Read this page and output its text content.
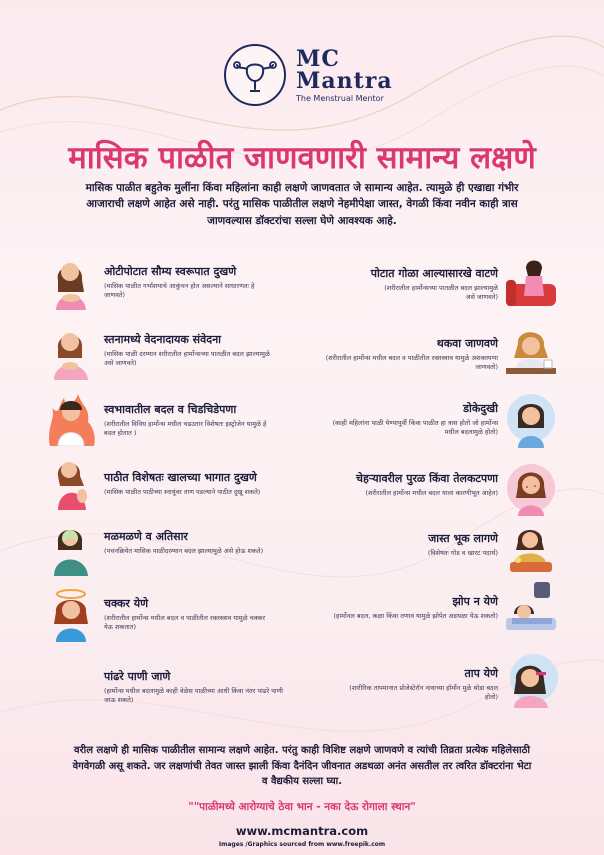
MC
Mantra
The Menstrual Mentor
मासिक पाळीत जाणवणारी सामान्य लक्षणे

मासिक पाळीत बहुतेक मुलींना किंवा महिलांना काही लक्षणे जाणवतात जे सामान्य आहेत. त्यामुळे ही एखाद्या गंभीर

आजाराची लक्षणे आहेत असे नाही. परंतु मासिक पाळीतील लक्षणे नेहमीपेक्षा जास्त, वेगळी किंवा नवीन काही त्रास

जाणवल्यास डॉक्टरांचा सल्ला घेणे आवश्यक आहे.

ओटीपोटात सौम्य स्वरूपात दुखणे
(मासिक पाळीत गर्भाशयाचे आकुंचन होत असल्याने साधारणतः हे जाणवते)
स्तनामध्ये वेदनादायक संवेदना
(मासिक पाळी दरम्यान शरीरातील हार्मोन्सच्या पातळीत बदल झाल्यामुळे असे जाणवते)
स्वभावातील बदल व चिडचिडेपणा
(शरीरातील विविध हार्मोन्स मधील चढउतार विशेषतः इस्ट्रोजेन यामुळे हे बदल होतात )
पाठीत विशेषतः खालच्या भागात दुखणे
(मासिक पाळीत पाठीच्या स्नायूंवर ताण पडल्याने पाठीत दुखू शकते)
मळमळणे व अतिसार
(पचनक्रियेत मासिक पाळीदरम्यान बदल झाल्यामुळे असे होऊ शकते)
चक्कर येणे
(शरीरातील हार्मोन्स मधील बदल व पाळीतील रक्तस्त्राव यामुळे चक्कर येऊ शकतात)
पांढरे पाणी जाणे
(हार्मोन्स मधील बदलामुळे काही वेळेस पाळीच्या आधी किंवा नंतर पांढरे पाणी जाऊ शकते)
पोटात गोळा आल्यासारखे वाटणे
(शरीरातील हार्मोन्सच्या पातळीत बदल झाल्यामुळे असे जाणवते)
थकवा जाणवणे
(शरीरातील हार्मोन्स मधील बदल व पाळीतील रक्तस्त्राव यामुळे अशक्तपणा जाणवतो)
डोकेदुखी
(काही महिलांना पाळी येण्यापूर्वी किंवा पाळीत हा त्रास होतो जो हार्मोन्स मधील बदलामुळे होतो)
चेहऱ्यावरील पुरळ किंवा तेलकटपणा
(शरीरातील हार्मोन्स मधील बदल याला कारणीभूत आहेत)
जास्त भूक लागणे
(विशेषतः गोड व खारट पदार्थ)
झोप न येणे
(हार्मोनल बदल, कळा किंवा तणाव यामुळे झोपेत अडथळा येऊ शकतो)
ताप येणे
(शारीरिक तापमानात प्रोजेस्टेरॉन नावाच्या हॉर्मोन मुळे थोडा बदल होतो)

वरील लक्षणे ही मासिक पाळीतील सामान्य लक्षणे आहेत. परंतु काही विशिष्ट लक्षणे जाणवणे व त्यांची तिव्रता प्रत्येक महिलेसाठी

वेगवेगळी असू शकते. जर लक्षणांची तेवत जास्त झाली किंवा दैनंदिन जीवनात अडथळा अनंत असतील तर त्वरित डॉक्टरांना भेटा

व वैद्यकीय सल्ला घ्या.

""पाळीमध्ये आरोग्याचे ठेवा भान - नका देऊ रोगाला स्थान"
www.mcmantra.com
Images /Graphics sourced from www.freepik.com
